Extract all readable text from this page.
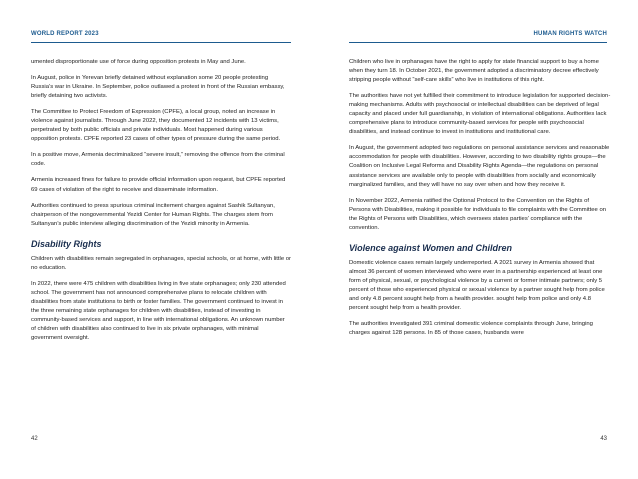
WORLD REPORT 2023

umented disproportionate use of force during opposition protests in May and June.

In August, police in Yerevan briefly detained without explanation some 20 people protesting Russia’s war in Ukraine. In September, police outlawed a protest in front of the Russian embassy, briefly detaining two activists.

The Committee to Protect Freedom of Expression (CPFE), a local group, noted an increase in violence against journalists. Through June 2022, they documented 12 incidents with 13 victims, perpetrated by both public officials and private individuals. Most happened during various opposition protests. CPFE reported 23 cases of other types of pressure during the same period.

In a positive move, Armenia decriminalized “severe insult,” removing the offence from the criminal code.

Armenia increased fines for failure to provide official information upon request, but CPFE reported 69 cases of violation of the right to receive and disseminate information.

Authorities continued to press spurious criminal incitement charges against Sashik Sultanyan, chairperson of the nongovernmental Yezidi Center for Human Rights. The charges stem from Sultanyan’s public interview alleging discrimination of the Yezidi minority in Armenia.

Disability Rights

Children with disabilities remain segregated in orphanages, special schools, or at home, with little or no education.

In 2022, there were 475 children with disabilities living in five state orphanages; only 230 attended school. The government has not announced comprehensive plans to relocate children with disabilities from state institutions to birth or foster families. The government continued to invest in the three remaining state orphanages for children with disabilities, instead of investing in community-based services and support, in line with international obligations. An unknown number of children with disabilities also continued to live in six private orphanages, with minimal government oversight.

42
HUMAN RIGHTS WATCH

Children who live in orphanages have the right to apply for state financial support to buy a home when they turn 18. In October 2021, the government adopted a discriminatory decree effectively stripping people without “self-care skills” who live in institutions of this right.

The authorities have not yet fulfilled their commitment to introduce legislation for supported decision-making mechanisms. Adults with psychosocial or intellectual disabilities can be deprived of legal capacity and placed under full guardianship, in violation of international obligations. Authorities lack comprehensive plans to introduce community-based services for people with psychosocial disabilities, and instead continue to invest in institutions and institutional care.

In August, the government adopted two regulations on personal assistance services and reasonable accommodation for people with disabilities. However, according to two disability rights groups—the Coalition on Inclusive Legal Reforms and Disability Rights Agenda—the regulations on personal assistance services are available only to people with disabilities from socially and economically marginalized families, and they will have no say over when and how they receive it.

In November 2022, Armenia ratified the Optional Protocol to the Convention on the Rights of Persons with Disabilities, making it possible for individuals to file complaints with the Committee on the Rights of Persons with Disabilities, which oversees states parties’ compliance with the convention.

Violence against Women and Children

Domestic violence cases remain largely underreported. A 2021 survey in Armenia showed that almost 36 percent of women interviewed who were ever in a partnership experienced at least one form of physical, sexual, or psychological violence by a current or former intimate partners; only 5 percent of those who experienced physical or sexual violence by a partner sought help from police and only 4.8 percent sought help from a health provider. sought help from police and only 4.8 percent sought help from a health provider.

The authorities investigated 391 criminal domestic violence complaints through June, bringing charges against 128 persons. In 85 of those cases, husbands were

43
